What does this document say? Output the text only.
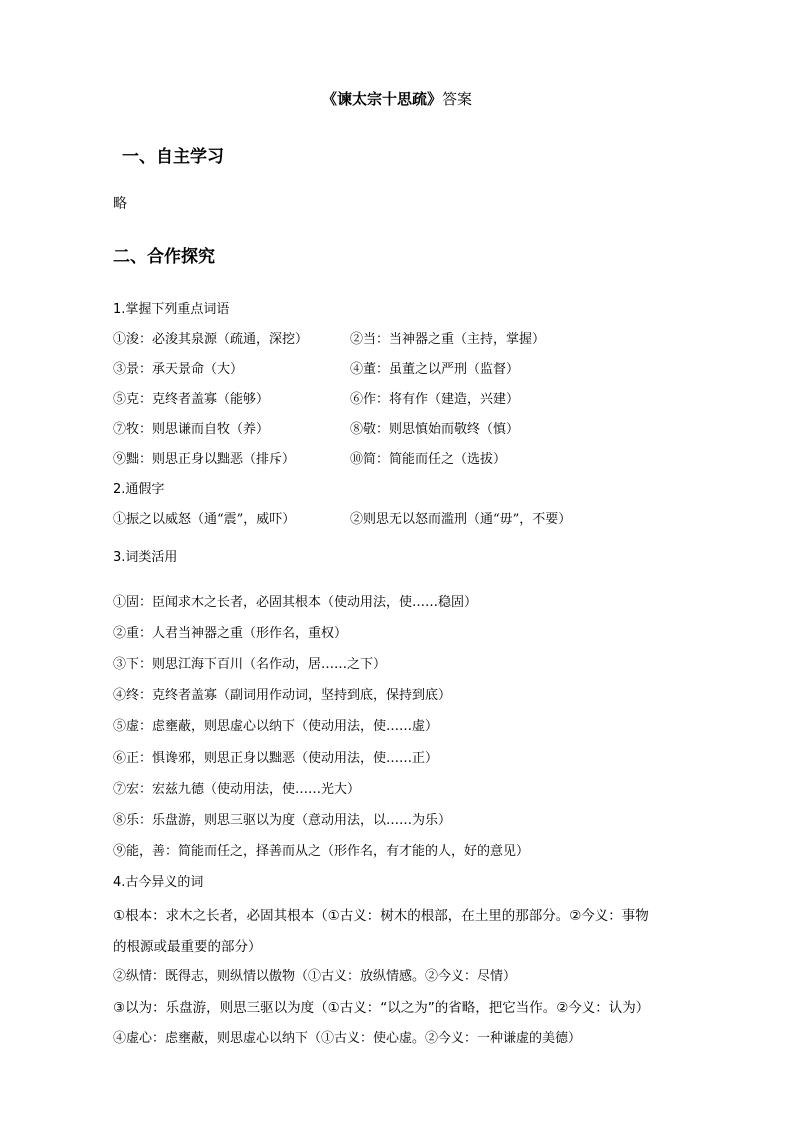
《谏太宗十思疏》答案
一、自主学习
略
二、合作探究
1.掌握下列重点词语
①浚：必浚其泉源（疏通，深挖）	②当：当神器之重（主持，掌握）
③景：承天景命（大）	④董：虽董之以严刑（监督）
⑤克：克终者盖寡（能够）	⑥作：将有作（建造，兴建）
⑦牧：则思谦而自牧（养）	⑧敬：则思慎始而敬终（慎）
⑨黜：则思正身以黜恶（排斥）	⑩简：简能而任之（选拔）
2.通假字
①振之以威怒（通“震”，威吓）	②则思无以怒而滥刑（通“毋”，不要）
3.词类活用
①固：臣闻求木之长者，必固其根本（使动用法，使……稳固）
②重：人君当神器之重（形作名，重权）
③下：则思江海下百川（名作动，居……之下）
④终：克终者盖寡（副词用作动词，坚持到底，保持到底）
⑤虚：虑壅蔽，则思虚心以纳下（使动用法，使……虚）
⑥正：惧谗邪，则思正身以黜恶（使动用法，使……正）
⑦宏：宏兹九德（使动用法，使……光大）
⑧乐：乐盘游，则思三驱以为度（意动用法，以……为乐）
⑨能，善：简能而任之，择善而从之（形作名，有才能的人，好的意见）
4.古今异义的词
①根本：求木之长者，必固其根本（①古义：树木的根部，在土里的那部分。②今义：事物
的根源或最重要的部分）
②纵情：既得志，则纵情以傲物（①古义：放纵情感。②今义：尽情）
③以为：乐盘游，则思三驱以为度（①古义：“以之为”的省略，把它当作。②今义：认为）
④虚心：虑壅蔽，则思虚心以纳下（①古义：使心虚。②今义：一种谦虚的美德）
